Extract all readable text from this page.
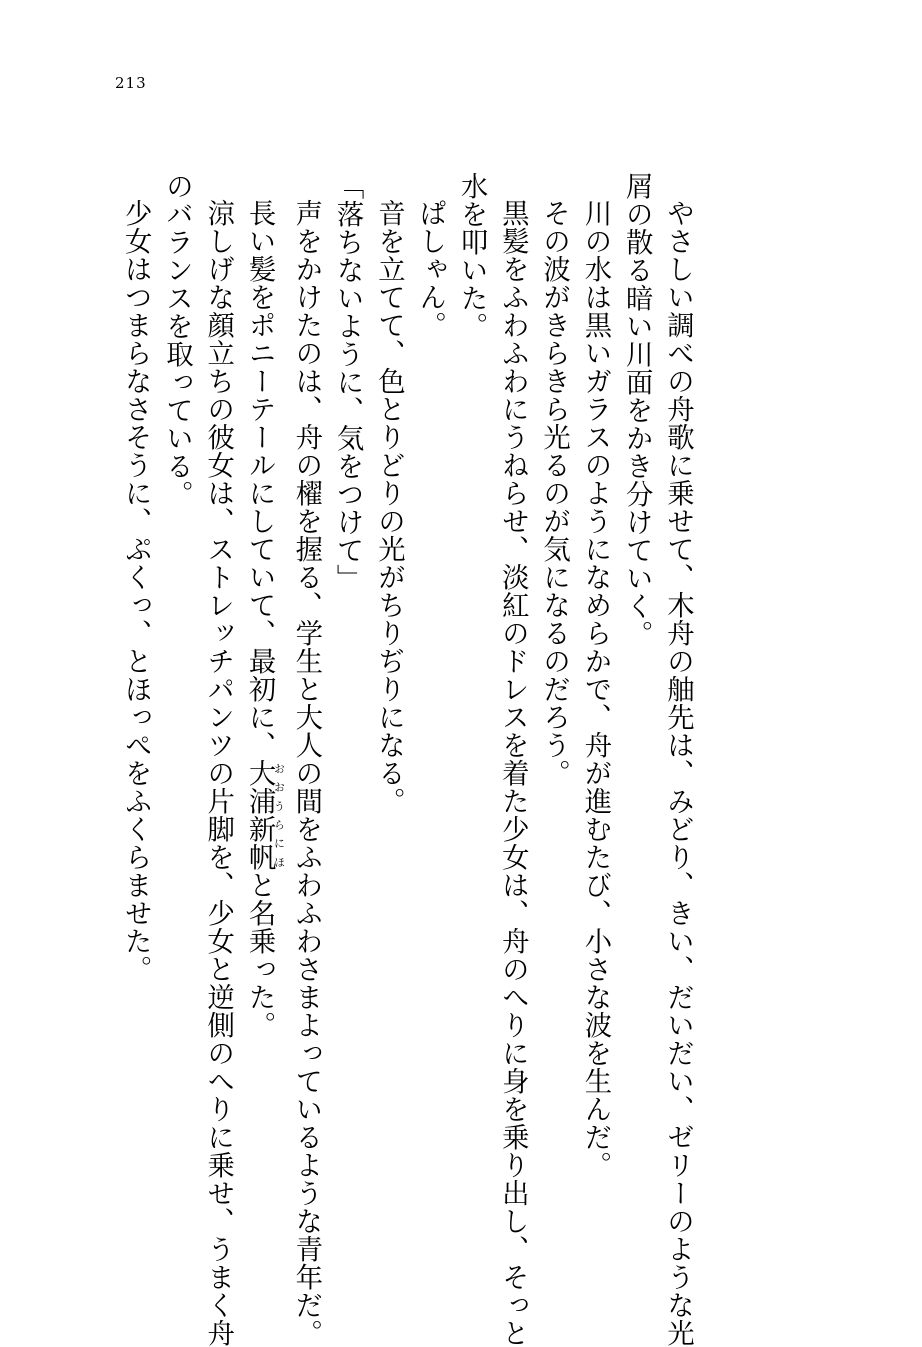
213

やさしい調べの舟歌に乗せて、木舟の舳先は、みどり、きい、だいだい、ゼリーのような光

屑の散る暗い川面をかき分けていく。

川の水は黒いガラスのようになめらかで、舟が進むたび、小さな波を生んだ。

その波がきらきら光るのが気になるのだろう。

黒髪をふわふわにうねらせ、淡紅のドレスを着た少女は、舟のへりに身を乗り出し、そっと

水を叩いた。

ぱしゃん。

音を立てて、色とりどりの光がちりぢりになる。

「落ちないように、気をつけて」

声をかけたのは、舟の櫂を握る、学生と大人の間をふわふわさまよっているような青年だ。

長い髪をポニーテールにしていて、最初に、大浦新帆おおうらにほと名乗った。

涼しげな顔立ちの彼女は、ストレッチパンツの片脚を、少女と逆側のへりに乗せ、うまく舟

のバランスを取っている。

少女はつまらなさそうに、ぷくっ、とほっぺをふくらませた。
